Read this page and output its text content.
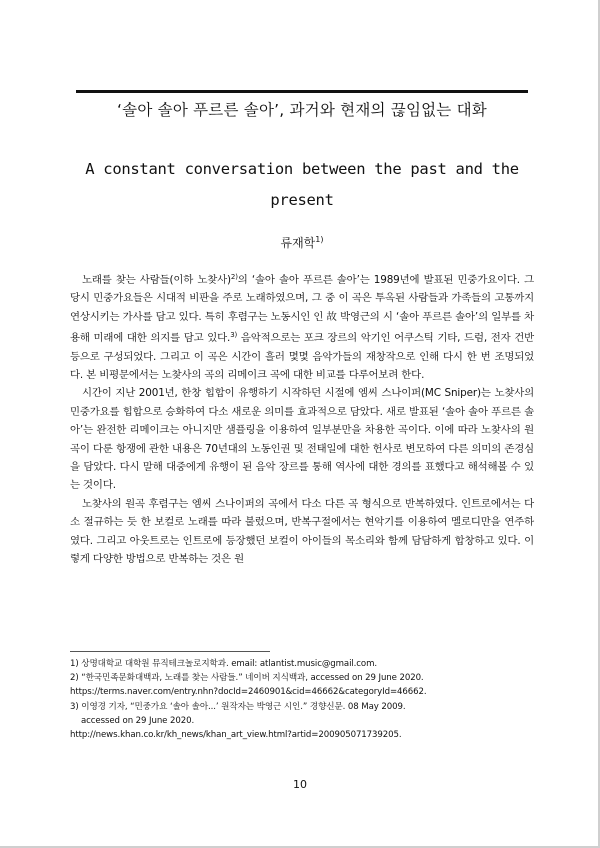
‘솔아 솔아 푸르른 솔아’, 과거와 현재의 끊임없는 대화
A constant conversation between the past and the present
류재학$^{1)}$

노래를 찾는 사람들(이하 노찾사)$^{2)}$의 ‘솔아 솔아 푸르른 솔아’는 1989년에 발표된 민중가요이다. 그 당시 민중가요들은 시대적 비판을 주로 노래하였으며, 그 중 이 곡은 투옥된 사람들과 가족들의 고통까지 연상시키는 가사를 담고 있다. 특히 후렴구는 노동시인 인 故 박영근의 시 ‘솔아 푸르른 솔아’의 일부를 차용해 미래에 대한 의지를 담고 있다.$^{3)}$ 음악적으로는 포크 장르의 악기인 어쿠스틱 기타, 드럼, 전자 건반 등으로 구성되었다. 그리고 이 곡은 시간이 흘러 몇몇 음악가들의 재창작으로 인해 다시 한 번 조명되었다. 본 비평문에서는 노찾사의 곡의 리메이크 곡에 대한 비교를 다루어보려 한다.

시간이 지난 2001년, 한창 힙합이 유행하기 시작하던 시절에 엠씨 스나이퍼(MC Sniper)는 노찾사의 민중가요를 힙합으로 승화하여 다소 새로운 의미를 효과적으로 담았다. 새로 발표된 ‘솔아 솔아 푸르른 솔아’는 완전한 리메이크는 아니지만 샘플링을 이용하여 일부분만을 차용한 곡이다. 이에 따라 노찾사의 원곡이 다룬 항쟁에 관한 내용은 70년대의 노동인권 및 전태일에 대한 헌사로 변모하여 다른 의미의 존경심을 담았다. 다시 말해 대중에게 유행이 된 음악 장르를 통해 역사에 대한 경의를 표했다고 해석해볼 수 있는 것이다.

노찾사의 원곡 후렴구는 엠씨 스나이퍼의 곡에서 다소 다른 곡 형식으로 반복하였다. 인트로에서는 다소 절규하는 듯 한 보컬로 노래를 따라 불렀으며, 반복구절에서는 현악기를 이용하여 멜로디만을 연주하였다. 그리고 아웃트로는 인트로에 등장했던 보컬이 아이들의 목소리와 함께 담담하게 합창하고 있다. 이렇게 다양한 방법으로 반복하는 것은 원

1) 상명대학교 대학원 뮤직테크놀로지학과. email: atlantist.music@gmail.com.
2) “한국민족문화대백과, 노래를 찾는 사람들.” 네이버 지식백과, accessed on 29 June 2020.
https://terms.naver.com/entry.nhn?docId=2460901&cid=46662&categoryId=46662.
3) 이영경 기자, “민중가요 ‘솔아 솔아...’ 원작자는 박영근 시인.” 경향신문. 08 May 2009.
accessed on 29 June 2020.
http://news.khan.co.kr/kh_news/khan_art_view.html?artid=200905071739205.
10
